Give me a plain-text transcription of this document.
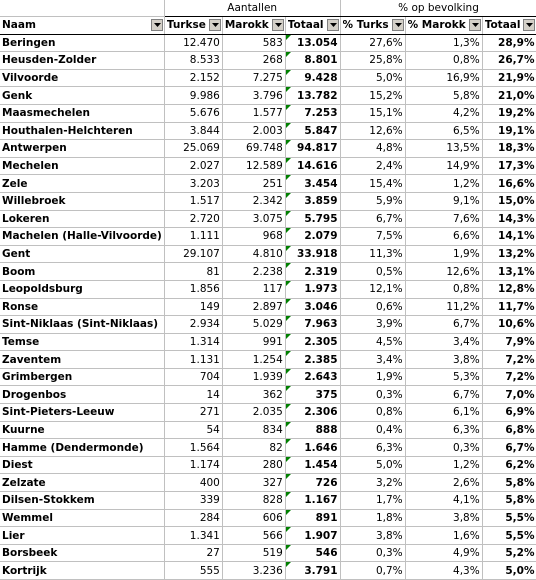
	Aantallen			% op bevolking		

Naam	Turkse	Marokk	Totaal	% Turks	% Marokk	Totaal

Beringen	12.470	583	13.054	27,6%	1,3%	28,9%
Heusden-Zolder	8.533	268	8.801	25,8%	0,8%	26,7%
Vilvoorde	2.152	7.275	9.428	5,0%	16,9%	21,9%
Genk	9.986	3.796	13.782	15,2%	5,8%	21,0%
Maasmechelen	5.676	1.577	7.253	15,1%	4,2%	19,2%
Houthalen-Helchteren	3.844	2.003	5.847	12,6%	6,5%	19,1%
Antwerpen	25.069	69.748	94.817	4,8%	13,5%	18,3%
Mechelen	2.027	12.589	14.616	2,4%	14,9%	17,3%
Zele	3.203	251	3.454	15,4%	1,2%	16,6%
Willebroek	1.517	2.342	3.859	5,9%	9,1%	15,0%
Lokeren	2.720	3.075	5.795	6,7%	7,6%	14,3%
Machelen (Halle-Vilvoorde)	1.111	968	2.079	7,5%	6,6%	14,1%
Gent	29.107	4.810	33.918	11,3%	1,9%	13,2%
Boom	81	2.238	2.319	0,5%	12,6%	13,1%
Leopoldsburg	1.856	117	1.973	12,1%	0,8%	12,8%
Ronse	149	2.897	3.046	0,6%	11,2%	11,7%
Sint-Niklaas (Sint-Niklaas)	2.934	5.029	7.963	3,9%	6,7%	10,6%
Temse	1.314	991	2.305	4,5%	3,4%	7,9%
Zaventem	1.131	1.254	2.385	3,4%	3,8%	7,2%
Grimbergen	704	1.939	2.643	1,9%	5,3%	7,2%
Drogenbos	14	362	375	0,3%	6,7%	7,0%
Sint-Pieters-Leeuw	271	2.035	2.306	0,8%	6,1%	6,9%
Kuurne	54	834	888	0,4%	6,3%	6,8%
Hamme (Dendermonde)	1.564	82	1.646	6,3%	0,3%	6,7%
Diest	1.174	280	1.454	5,0%	1,2%	6,2%
Zelzate	400	327	726	3,2%	2,6%	5,8%
Dilsen-Stokkem	339	828	1.167	1,7%	4,1%	5,8%
Wemmel	284	606	891	1,8%	3,8%	5,5%
Lier	1.341	566	1.907	3,8%	1,6%	5,5%
Borsbeek	27	519	546	0,3%	4,9%	5,2%
Kortrijk	555	3.236	3.791	0,7%	4,3%	5,0%
